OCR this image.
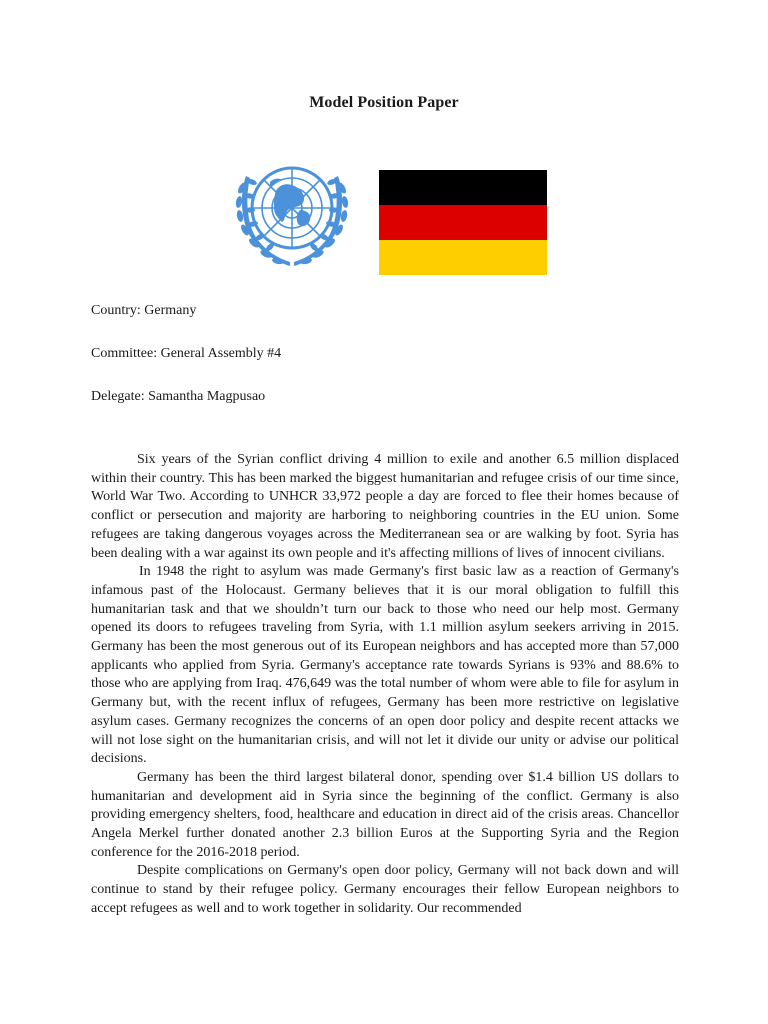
Model Position Paper
Country: Germany
Committee: General Assembly #4
Delegate: Samantha Magpusao

Six years of the Syrian conflict driving 4 million to exile and another 6.5 million displaced within their country. This has been marked the biggest humanitarian and refugee crisis of our time since, World War Two. According to UNHCR 33,972 people a day are forced to flee their homes because of conflict or persecution and majority are harboring to neighboring countries in the EU union. Some refugees are taking dangerous voyages across the Mediterranean sea or are walking by foot. Syria has been dealing with a war against its own people and it's affecting millions of lives of innocent civilians.

In 1948 the right to asylum was made Germany's first basic law as a reaction of Germany's infamous past of the Holocaust. Germany believes that it is our moral obligation to fulfill this humanitarian task and that we shouldn’t turn our back to those who need our help most. Germany opened its doors to refugees traveling from Syria, with 1.1 million asylum seekers arriving in 2015. Germany has been the most generous out of its European neighbors and has accepted more than 57,000 applicants who applied from Syria. Germany's acceptance rate towards Syrians is 93% and 88.6% to those who are applying from Iraq. 476,649 was the total number of whom were able to file for asylum in Germany but, with the recent influx of refugees, Germany has been more restrictive on legislative asylum cases. Germany recognizes the concerns of an open door policy and despite recent attacks we will not lose sight on the humanitarian crisis, and will not let it divide our unity or advise our political decisions.

Germany has been the third largest bilateral donor, spending over $1.4 billion US dollars to humanitarian and development aid in Syria since the beginning of the conflict. Germany is also providing emergency shelters, food, healthcare and education in direct aid of the crisis areas. Chancellor Angela Merkel further donated another 2.3 billion Euros at the Supporting Syria and the Region conference for the 2016-2018 period.

Despite complications on Germany's open door policy, Germany will not back down and will continue to stand by their refugee policy. Germany encourages their fellow European neighbors to accept refugees as well and to work together in solidarity. Our recommended
